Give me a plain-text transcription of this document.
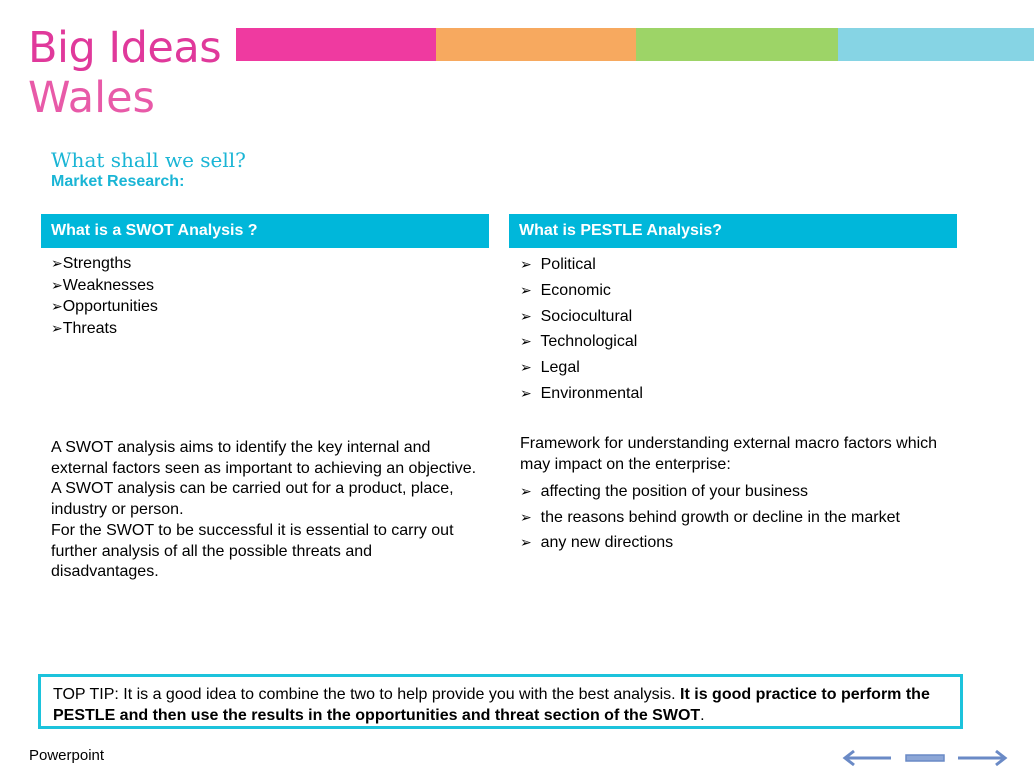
Big Ideas
Wales
What shall we sell?
Market Research:
What is a SWOT Analysis ?	What is PESTLE Analysis?
➢Strengths
➢Weaknesses
➢Opportunities
➢Threats
➢ Political
➢ Economic
➢ Sociocultural
➢ Technological
➢ Legal
➢ Environmental
A SWOT analysis aims to identify the key internal and external factors seen as important to achieving an objective.
A SWOT analysis can be carried out for a product, place, industry or person.
For the SWOT to be successful it is essential to carry out further analysis of all the possible threats and disadvantages.
Framework for understanding external macro factors which may impact on the enterprise:
➢ affecting the position of your business
➢ the reasons behind growth or decline in the market
➢ any new directions
TOP TIP: It is a good idea to combine the two to help provide you with the best analysis. It is good practice to perform the PESTLE and then use the results in the opportunities and threat section of the SWOT.
Powerpoint
